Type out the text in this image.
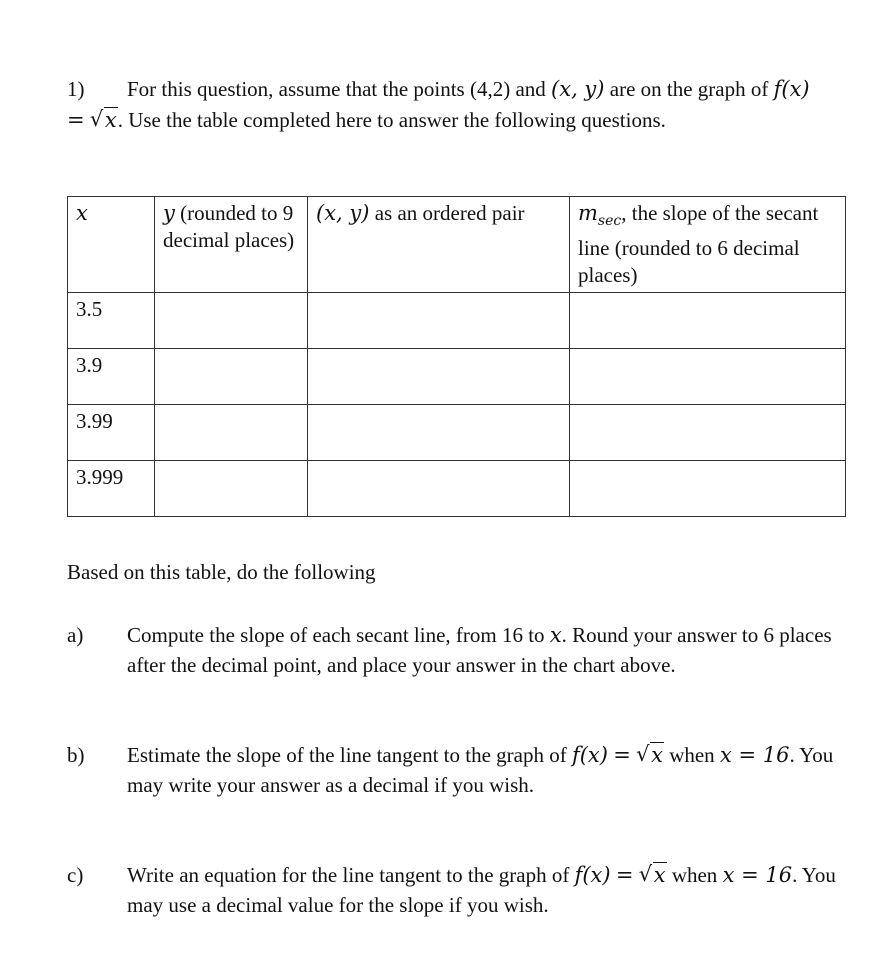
1) For this question, assume that the points (4,2) and (x, y) are on the graph of f(x) = √ x. Use the table completed here to answer the following questions.
x	y (rounded to 9 decimal places)	(x, y) as an ordered pair	$m_{sec}$, the slope of the secant line (rounded to 6 decimal places)
3.5			
3.9			
3.99			
3.999			
Based on this table, do the following
a) Compute the slope of each secant line, from 16 to x. Round your answer to 6 places after the decimal point, and place your answer in the chart above.
b) Estimate the slope of the line tangent to the graph of f(x) = √ x when x = 16. You may write your answer as a decimal if you wish.
c) Write an equation for the line tangent to the graph of f(x) = √ x when x = 16. You may use a decimal value for the slope if you wish.
